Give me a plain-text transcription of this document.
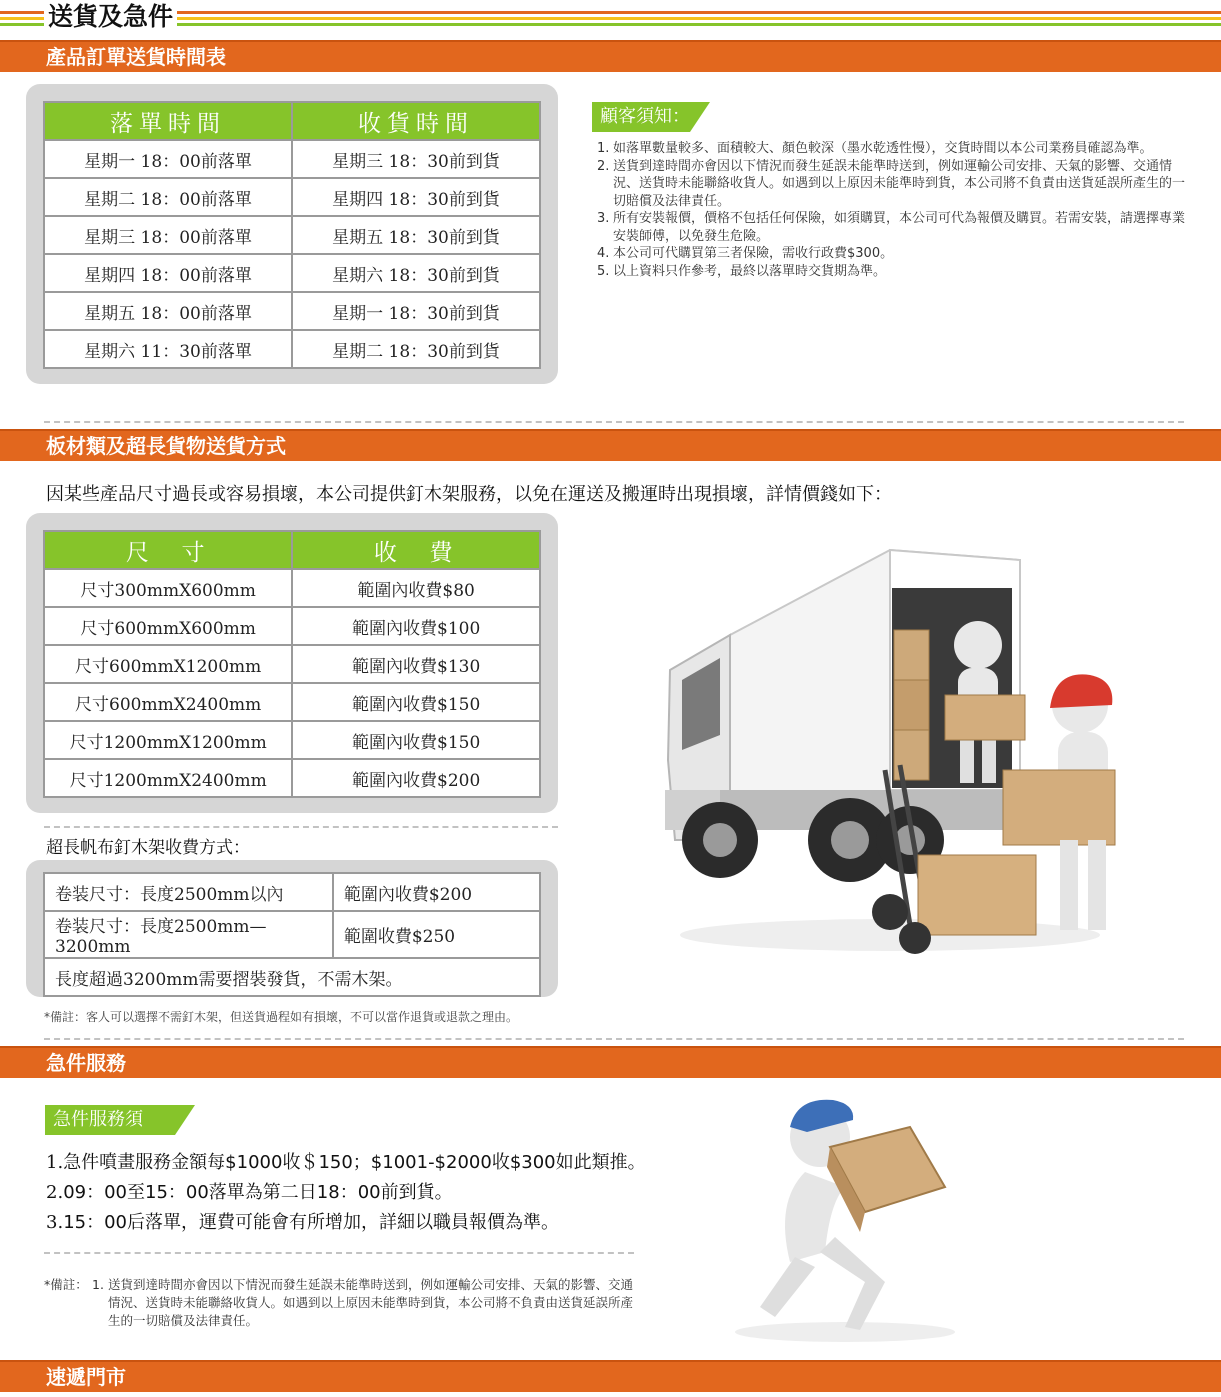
送貨及急件
產品訂單送貨時間表
落單時間	收貨時間
星期一 18：00前落單	星期三 18：30前到貨
星期二 18：00前落單	星期四 18：30前到貨
星期三 18：00前落單	星期五 18：30前到貨
星期四 18：00前落單	星期六 18：30前到貨
星期五 18：00前落單	星期一 18：30前到貨
星期六 11：30前落單	星期二 18：30前到貨
顧客須知：
1. 如落單數量較多、面積較大、顏色較深（墨水乾透性慢），交貨時間以本公司業務員確認為準。
2. 送貨到達時間亦會因以下情況而發生延誤未能準時送到，例如運輸公司安排、天氣的影響、交通情況、送貨時未能聯絡收貨人。如遇到以上原因未能準時到貨，本公司將不負責由送貨延誤所產生的一切賠償及法律責任。
3. 所有安裝報價，價格不包括任何保險，如須購買，本公司可代為報價及購買。若需安裝，請選擇專業安裝師傅，以免發生危險。
4. 本公司可代購買第三者保險，需收行政費$300。
5. 以上資料只作參考，最終以落單時交貨期為準。
板材類及超長貨物送貨方式
因某些產品尺寸過長或容易損壞，本公司提供釘木架服務，以免在運送及搬運時出現損壞，詳情價錢如下：
尺  寸	收  費
尺寸300mmX600mm	範圍內收費$80
尺寸600mmX600mm	範圍內收費$100
尺寸600mmX1200mm	範圍內收費$130
尺寸600mmX2400mm	範圍內收費$150
尺寸1200mmX1200mm	範圍內收費$150
尺寸1200mmX2400mm	範圍內收費$200
超長帆布釘木架收費方式：
卷装尺寸：長度2500mm以內	範圍內收費$200
卷装尺寸：長度2500mm—3200mm	範圍收費$250
長度超過3200mm需要摺裝發貨，不需木架。	
*備註：客人可以選擇不需釘木架，但送貨過程如有損壞，不可以當作退貨或退款之理由。
急件服務
急件服務須知：
1.急件噴畫服務金額每$1000收＄150；$1001-$2000收$300如此類推。
2.09：00至15：00落單為第二日18：00前到貨。
3.15：00后落單，運費可能會有所增加，詳細以職員報價為準。
*備註： 1. 送貨到達時間亦會因以下情況而發生延誤未能準時送到，例如運輸公司安排、天氣的影響、交通情況、送貨時未能聯絡收貨人。如遇到以上原因未能準時到貨，本公司將不負責由送貨延誤所產生的一切賠償及法律責任。
速遞門市
